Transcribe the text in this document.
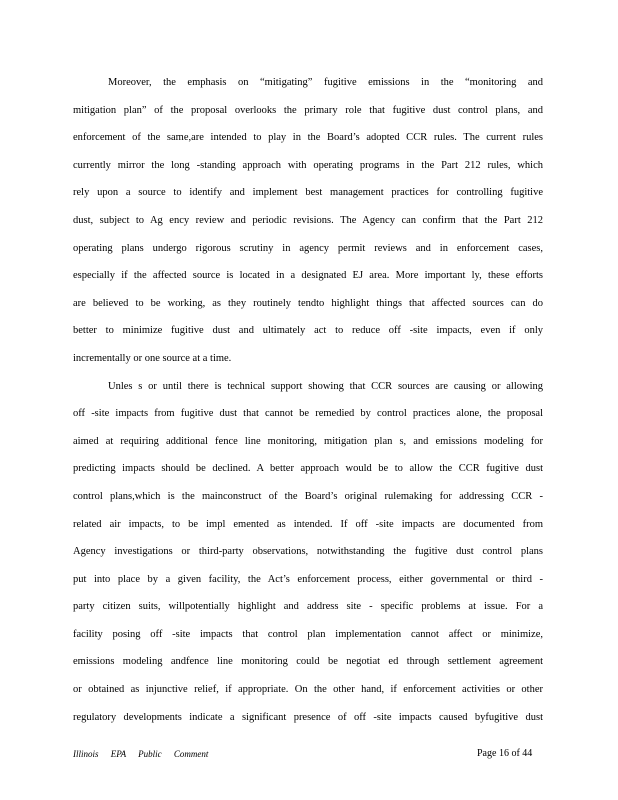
Moreover, the emphasis on “mitigating” fugitive emissions in the “monitoring and
mitigation plan” of the proposal overlooks the primary role that fugitive dust control plans, and
enforcement of the same,are intended to play in the Board’s adopted CCR rules. The current rules
currently mirror the long -standing approach with operating programs in the Part 212 rules, which
rely upon a source to identify and implement best management practices for controlling fugitive
dust, subject to Ag ency review and periodic revisions. The Agency can confirm that the Part 212
operating plans undergo rigorous scrutiny in agency permit reviews and in enforcement cases,
especially if the affected source is located in a designated EJ area. More important ly, these efforts
are believed to be working, as they routinely tendto highlight things that affected sources can do
better to minimize fugitive dust and ultimately act to reduce off -site impacts, even if only
incrementally or one source at a time.
Unles s or until there is technical support showing that CCR sources are causing or allowing
off -site impacts from fugitive dust that cannot be remedied by control practices alone, the proposal
aimed at requiring additional fence line monitoring, mitigation plan s, and emissions modeling for
predicting impacts should be declined. A better approach would be to allow the CCR fugitive dust
control plans,which is the mainconstruct of the Board’s original rulemaking for addressing CCR -
related air impacts, to be impl emented as intended. If off -site impacts are documented from
Agency investigations or third-party observations, notwithstanding the fugitive dust control plans
put into place by a given facility, the Act’s enforcement process, either governmental or third -
party citizen suits, willpotentially highlight and address site - specific problems at issue. For a
facility posing off -site impacts that control plan implementation cannot affect or minimize,
emissions modeling andfence line monitoring could be negotiat ed through settlement agreement
or obtained as injunctive relief, if appropriate. On the other hand, if enforcement activities or other
regulatory developments indicate a significant presence of off -site impacts caused byfugitive dust
Illinois EPA Public Comment	Page 16 of 44
